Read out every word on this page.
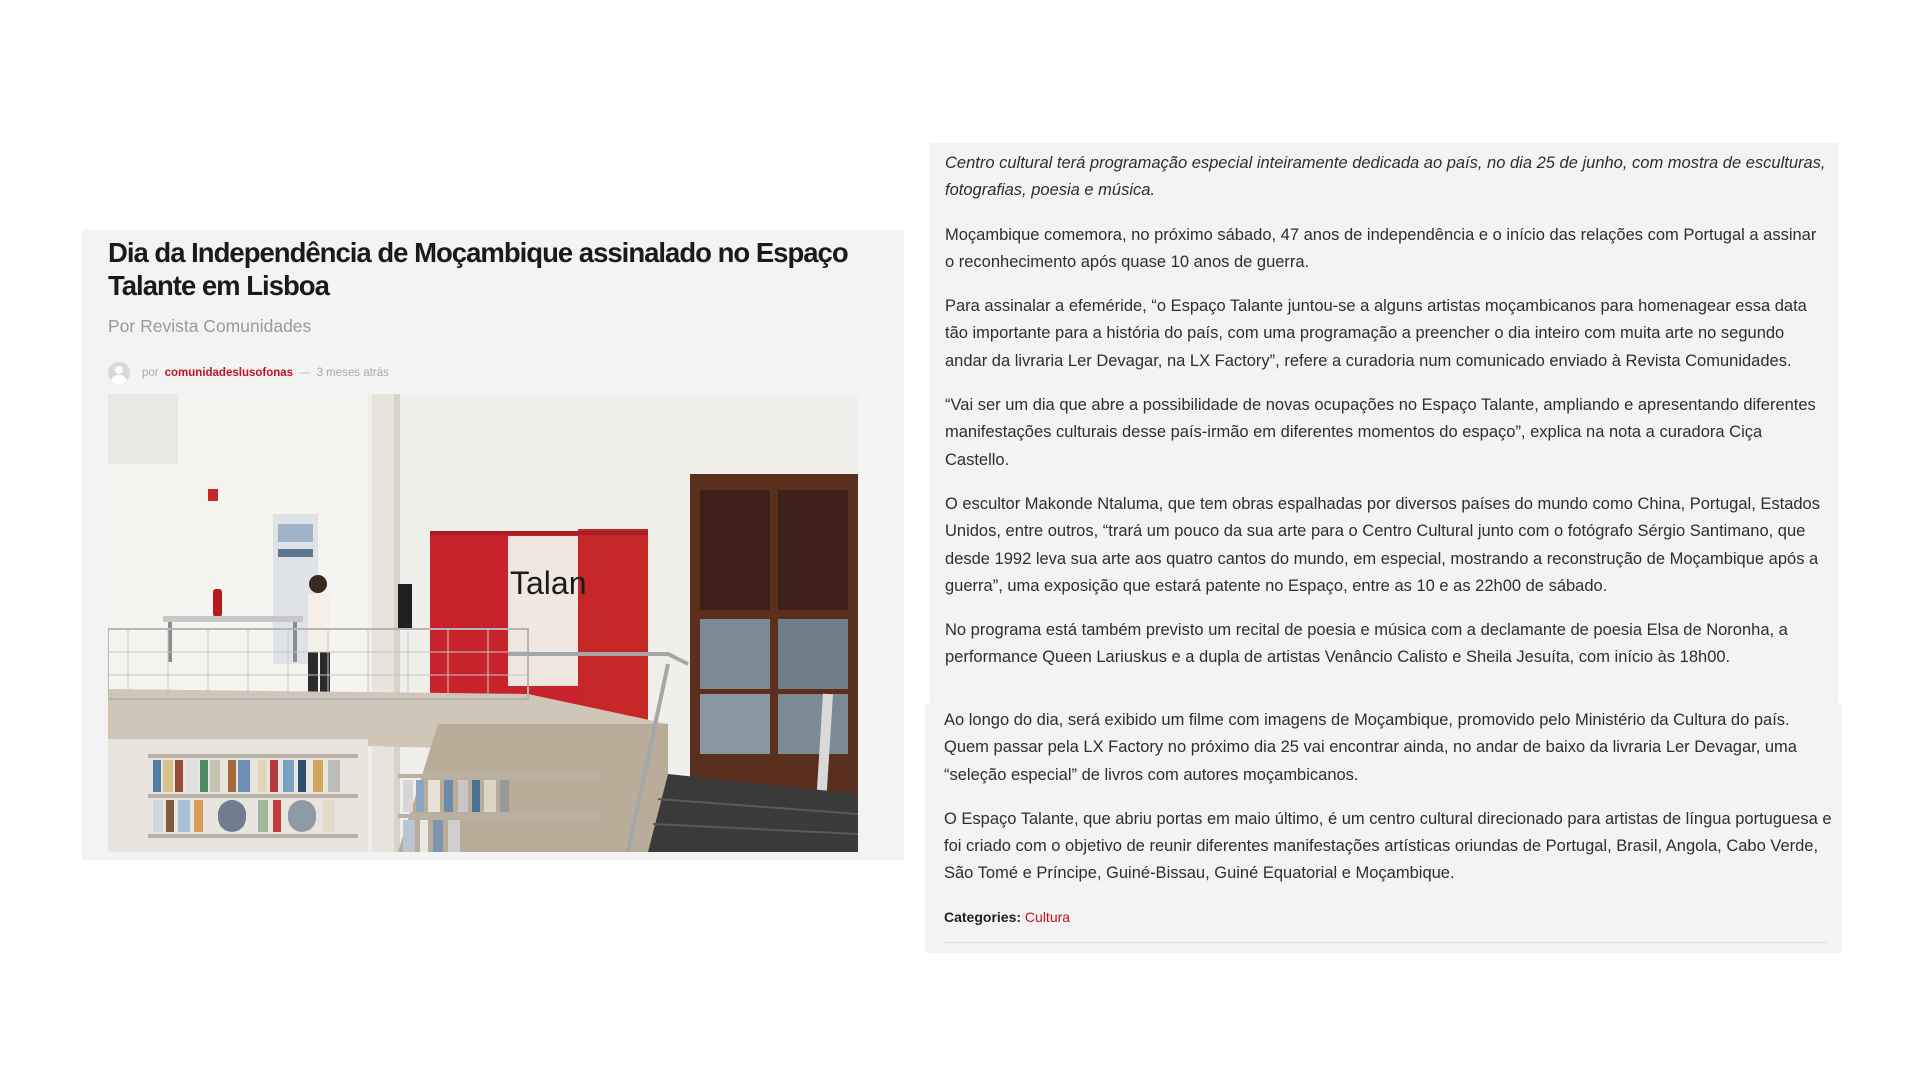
Dia da Independência de Moçambique assinalado no Espaço Talante em Lisboa
Por Revista Comunidades
por comunidadeslusofonas — 3 meses atrás
Talan

Centro cultural terá programação especial inteiramente dedicada ao país, no dia 25 de junho, com mostra de esculturas, fotografias, poesia e música.

Moçambique comemora, no próximo sábado, 47 anos de independência e o início das relações com Portugal a assinar o reconhecimento após quase 10 anos de guerra.

Para assinalar a efeméride, “o Espaço Talante juntou-se a alguns artistas moçambicanos para homenagear essa data tão importante para a história do país, com uma programação a preencher o dia inteiro com muita arte no segundo andar da livraria Ler Devagar, na LX Factory”, refere a curadoria num comunicado enviado à Revista Comunidades.

“Vai ser um dia que abre a possibilidade de novas ocupações no Espaço Talante, ampliando e apresentando diferentes manifestações culturais desse país-irmão em diferentes momentos do espaço”, explica na nota a curadora Ciça Castello.

O escultor Makonde Ntaluma, que tem obras espalhadas por diversos países do mundo como China, Portugal, Estados Unidos, entre outros, “trará um pouco da sua arte para o Centro Cultural junto com o fotógrafo Sérgio Santimano, que desde 1992 leva sua arte aos quatro cantos do mundo, em especial, mostrando a reconstrução de Moçambique após a guerra”, uma exposição que estará patente no Espaço, entre as 10 e as 22h00 de sábado.

No programa está também previsto um recital de poesia e música com a declamante de poesia Elsa de Noronha, a performance Queen Lariuskus e a dupla de artistas Venâncio Calisto e Sheila Jesuíta, com início às 18h00.

Ao longo do dia, será exibido um filme com imagens de Moçambique, promovido pelo Ministério da Cultura do país. Quem passar pela LX Factory no próximo dia 25 vai encontrar ainda, no andar de baixo da livraria Ler Devagar, uma “seleção especial” de livros com autores moçambicanos.

O Espaço Talante, que abriu portas em maio último, é um centro cultural direcionado para artistas de língua portuguesa e foi criado com o objetivo de reunir diferentes manifestações artísticas oriundas de Portugal, Brasil, Angola, Cabo Verde, São Tomé e Príncipe, Guiné-Bissau, Guiné Equatorial e Moçambique.

Categories: Cultura
